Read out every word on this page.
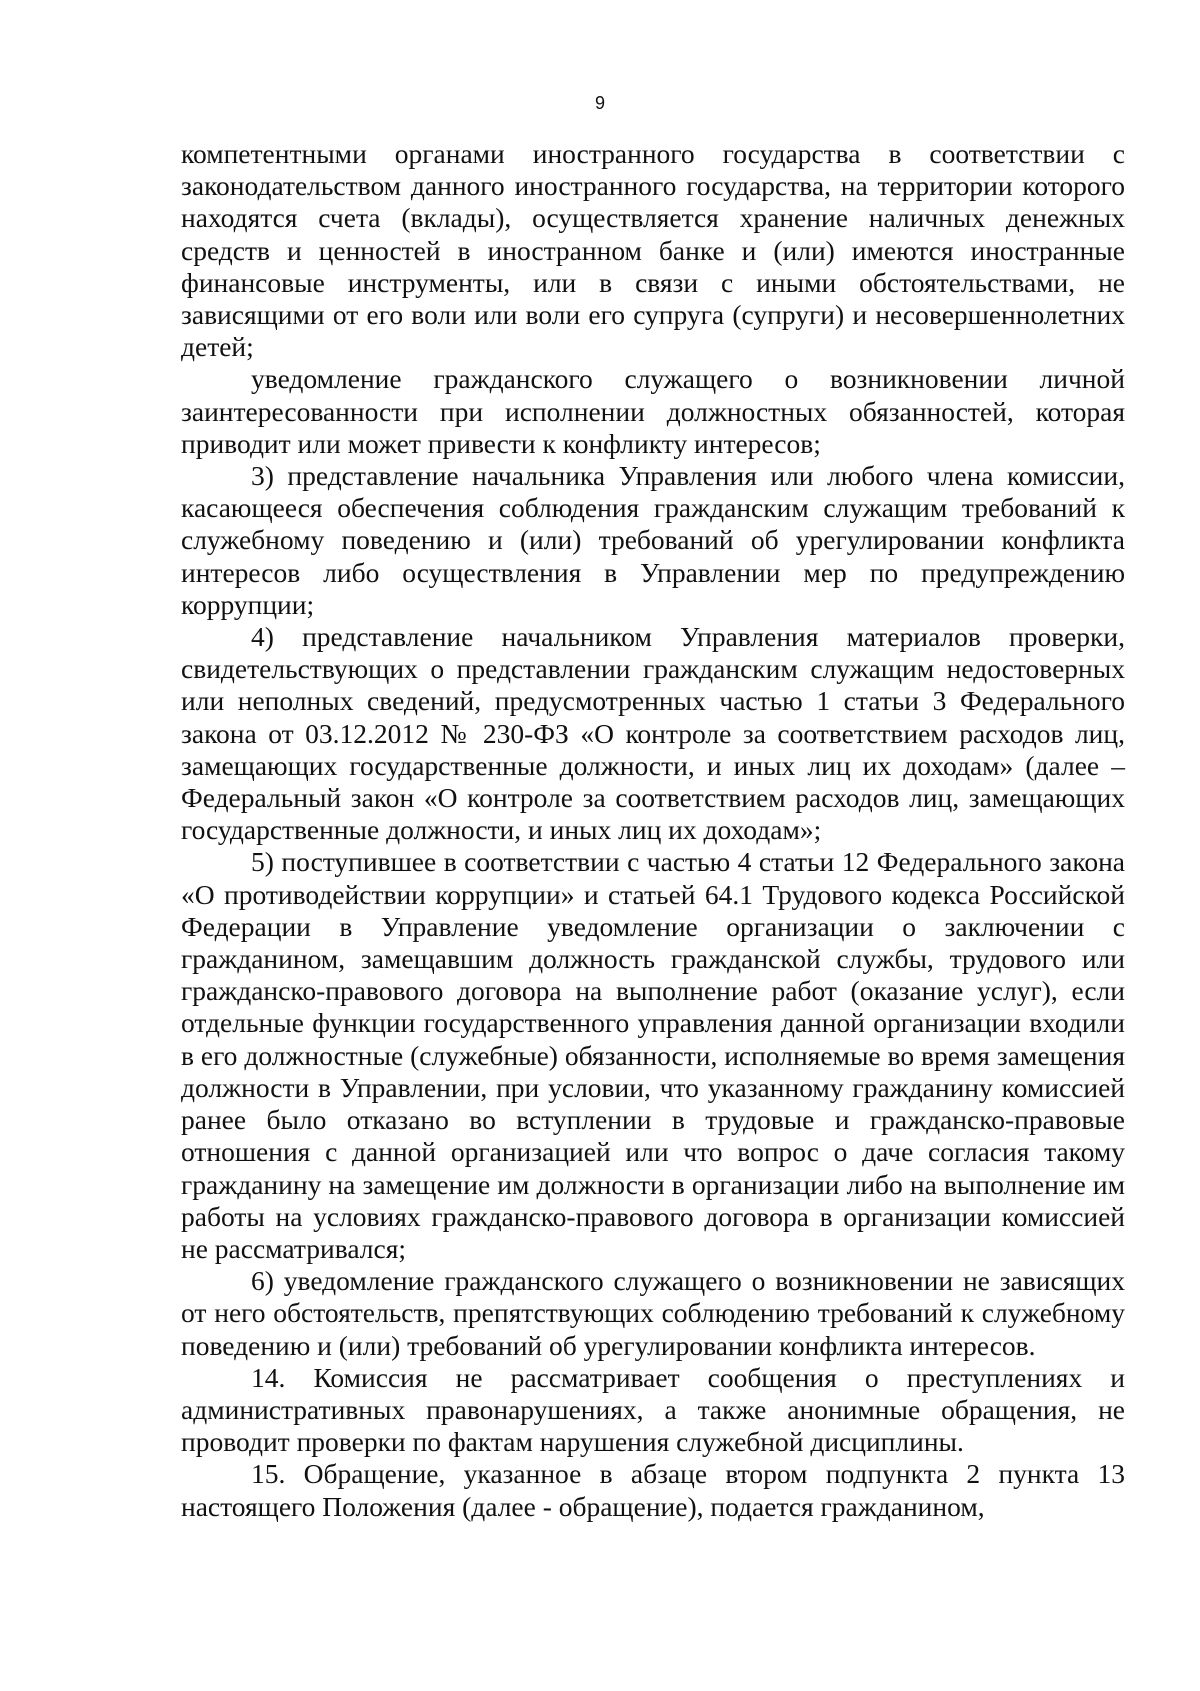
9

компетентными органами иностранного государства в соответствии с законодательством данного иностранного государства, на территории которого находятся счета (вклады), осуществляется хранение наличных денежных средств и ценностей в иностранном банке и (или) имеются иностранные финансовые инструменты, или в связи с иными обстоятельствами, не зависящими от его воли или воли его супруга (супруги) и несовершеннолетних детей;

уведомление гражданского служащего о возникновении личной заинтересованности при исполнении должностных обязанностей, которая приводит или может привести к конфликту интересов;

3) представление начальника Управления или любого члена комиссии, касающееся обеспечения соблюдения гражданским служащим требований к служебному поведению и (или) требований об урегулировании конфликта интересов либо осуществления в Управлении мер по предупреждению коррупции;

4) представление начальником Управления материалов проверки, свидетельствующих о представлении гражданским служащим недостоверных или неполных сведений, предусмотренных частью 1 статьи 3 Федерального закона от 03.12.2012 № 230-ФЗ «О контроле за соответствием расходов лиц, замещающих государственные должности, и иных лиц их доходам» (далее – Федеральный закон «О контроле за соответствием расходов лиц, замещающих государственные должности, и иных лиц их доходам»;

5) поступившее в соответствии с частью 4 статьи 12 Федерального закона «О противодействии коррупции» и статьей 64.1 Трудового кодекса Российской Федерации в Управление уведомление организации о заключении с гражданином, замещавшим должность гражданской службы, трудового или гражданско-правового договора на выполнение работ (оказание услуг), если отдельные функции государственного управления данной организации входили в его должностные (служебные) обязанности, исполняемые во время замещения должности в Управлении, при условии, что указанному гражданину комиссией ранее было отказано во вступлении в трудовые и гражданско-правовые отношения с данной организацией или что вопрос о даче согласия такому гражданину на замещение им должности в организации либо на выполнение им работы на условиях гражданско-правового договора в организации комиссией не рассматривался;

6) уведомление гражданского служащего о возникновении не зависящих от него обстоятельств, препятствующих соблюдению требований к служебному поведению и (или) требований об урегулировании конфликта интересов.

14. Комиссия не рассматривает сообщения о преступлениях и административных правонарушениях, а также анонимные обращения, не проводит проверки по фактам нарушения служебной дисциплины.

15. Обращение, указанное в абзаце втором подпункта 2 пункта 13 настоящего Положения (далее - обращение), подается гражданином,
